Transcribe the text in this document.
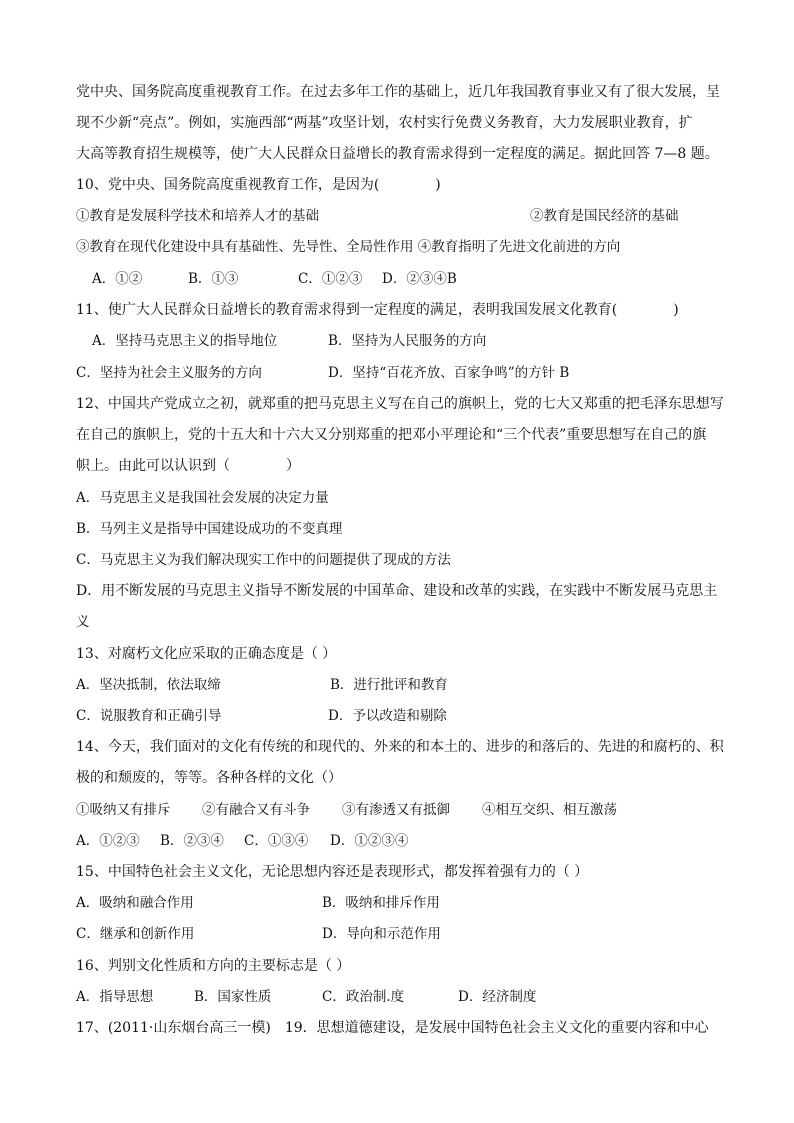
党中央、国务院高度重视教育工作。在过去多年工作的基础上，近几年我国教育事业又有了很大发展，呈
现不少新“亮点”。例如，实施西部“两基”攻坚计划，农村实行免费义务教育，大力发展职业教育，扩
大高等教育招生规模等，使广大人民群众日益增长的教育需求得到一定程度的满足。据此回答 7—8 题。
10、党中央、国务院高度重视教育工作，是因为(　　　　)
①教育是发展科学技术和培养人才的基础	②教育是国民经济的基础
③教育在现代化建设中具有基础性、先导性、全局性作用 ④教育指明了先进文化前进的方向
A．①②	B．①③	C．①②③ D．②③④B
11、使广大人民群众日益增长的教育需求得到一定程度的满足，表明我国发展文化教育(　　　　)
A．坚持马克思主义的指导地位	B．坚持为人民服务的方向
C．坚持为社会主义服务的方向	D．坚持“百花齐放、百家争鸣”的方针 B
12、中国共产党成立之初，就郑重的把马克思主义写在自己的旗帜上，党的七大又郑重的把毛泽东思想写
在自己的旗帜上，党的十五大和十六大又分别郑重的把邓小平理论和“三个代表”重要思想写在自己的旗
帜上。由此可以认识到（　　　　）
A．马克思主义是我国社会发展的决定力量
B．马列主义是指导中国建设成功的不变真理
C．马克思主义为我们解决现实工作中的问题提供了现成的方法
D．用不断发展的马克思主义指导不断发展的中国革命、建设和改革的实践，在实践中不断发展马克思主
义
13、对腐朽文化应采取的正确态度是（ ）
A．坚决抵制，依法取缔	B．进行批评和教育
C．说服教育和正确引导	D．予以改造和剔除
14、今天，我们面对的文化有传统的和现代的、外来的和本土的、进步的和落后的、先进的和腐朽的、积
极的和颓废的，等等。各种各样的文化（）
①吸纳又有排斥 ②有融合又有斗争 ③有渗透又有抵御 ④相互交织、相互激荡
A．①②③ B．②③④ C．①③④ D．①②③④
15、中国特色社会主义文化，无论思想内容还是表现形式，都发挥着强有力的（ ）
A．吸纳和融合作用	B．吸纳和排斥作用
C．继承和创新作用	D．导向和示范作用
16、判别文化性质和方向的主要标志是（ ）
A．指导思想	B．国家性质	C．政治制.度	D．经济制度
17、(2011·山东烟台高三一模)　19．思想道德建设，是发展中国特色社会主义文化的重要内容和中心
